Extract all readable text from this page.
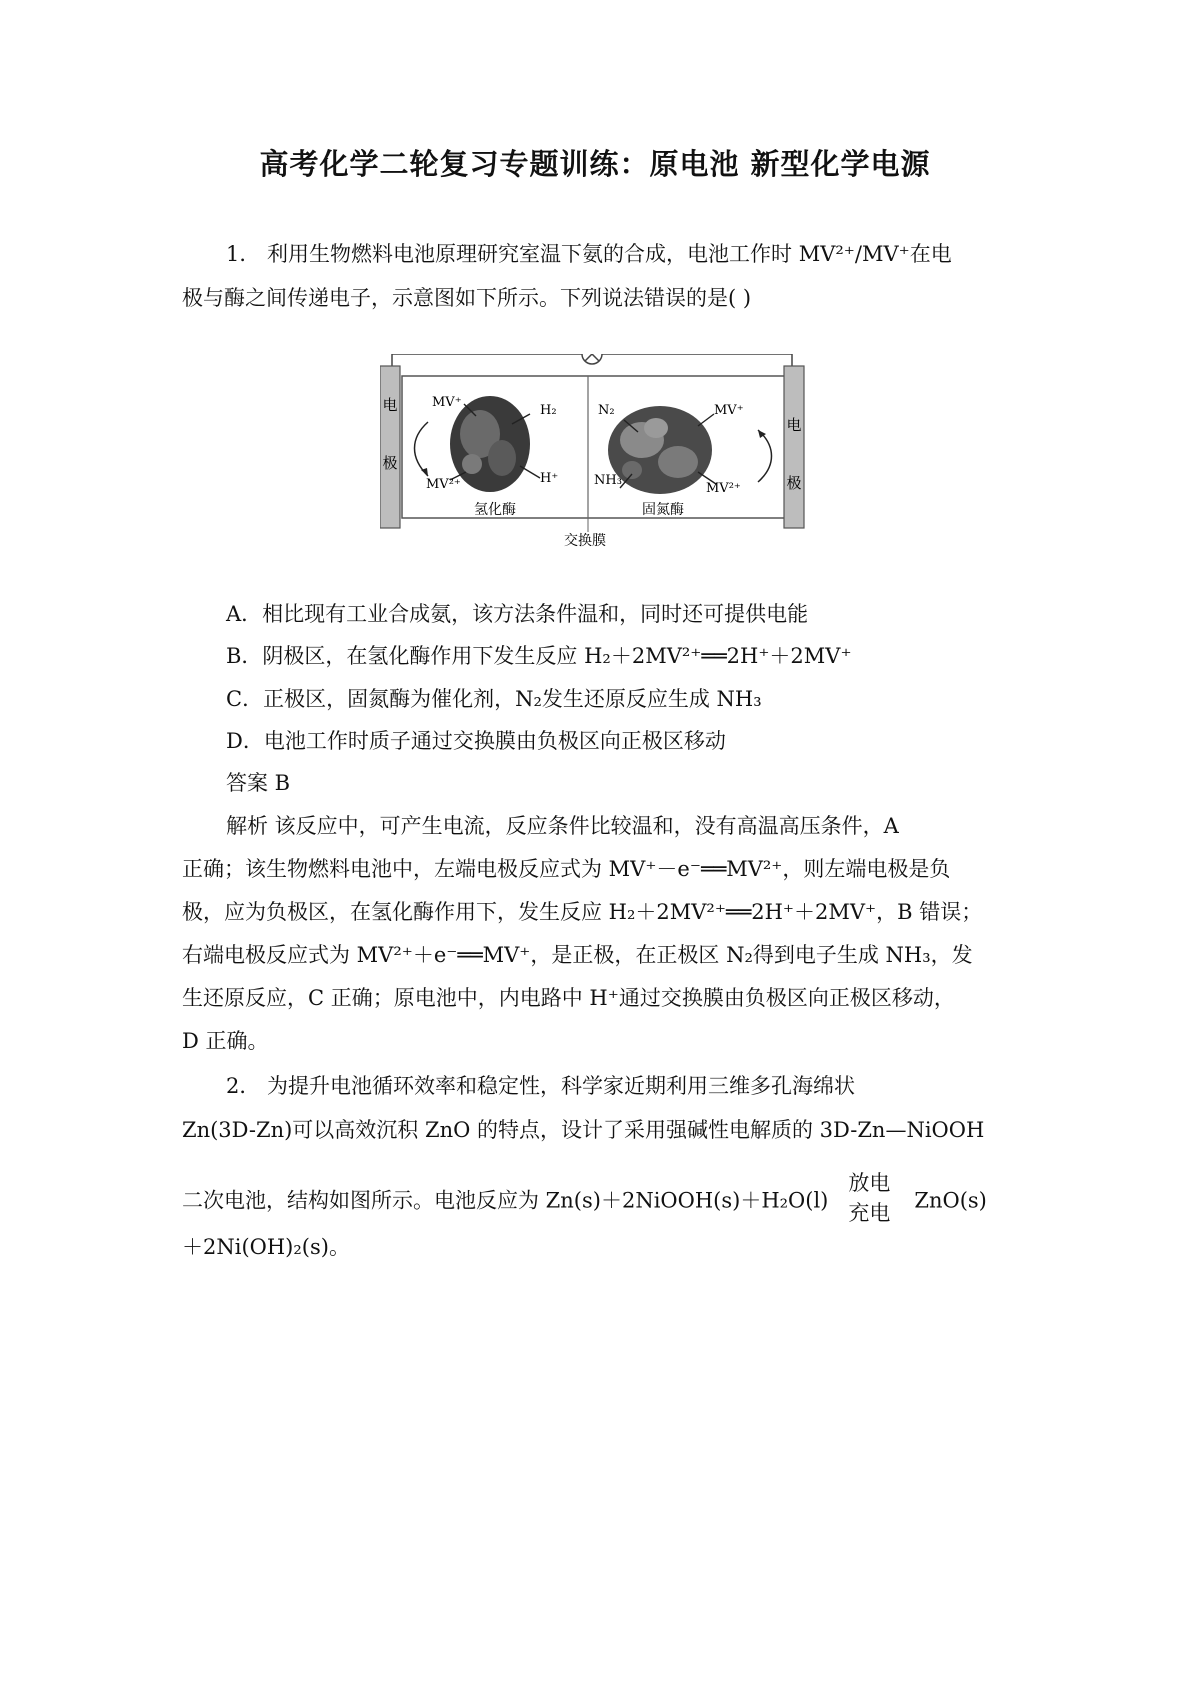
高考化学二轮复习专题训练：原电池 新型化学电源
1． 利用生物燃料电池原理研究室温下氨的合成，电池工作时 MV²⁺/MV⁺在电
极与酶之间传递电子，示意图如下所示。下列说法错误的是( )
电
极
电
极
MV⁺
MV²⁺
H₂
H⁺
氢化酶
N₂
NH₃
MV⁺
MV²⁺
固氮酶
交换膜
A．相比现有工业合成氨，该方法条件温和，同时还可提供电能
B．阴极区，在氢化酶作用下发生反应 H₂＋2MV²⁺══2H⁺＋2MV⁺
C．正极区，固氮酶为催化剂，N₂发生还原反应生成 NH₃
D．电池工作时质子通过交换膜由负极区向正极区移动
答案 B
解析 该反应中，可产生电流，反应条件比较温和，没有高温高压条件，A
正确；该生物燃料电池中，左端电极反应式为 MV⁺－e⁻══MV²⁺，则左端电极是负
极，应为负极区，在氢化酶作用下，发生反应 H₂＋2MV²⁺══2H⁺＋2MV⁺，B 错误；
右端电极反应式为 MV²⁺＋e⁻══MV⁺，是正极，在正极区 N₂得到电子生成 NH₃，发
生还原反应，C 正确；原电池中，内电路中 H⁺通过交换膜由负极区向正极区移动，
D 正确。
2． 为提升电池循环效率和稳定性，科学家近期利用三维多孔海绵状
Zn(3D-Zn)可以高效沉积 ZnO 的特点，设计了采用强碱性电解质的 3D-Zn—NiOOH
二次电池，结构如图所示。电池反应为 Zn(s)＋2NiOOH(s)＋H₂O(l)
放电
充电
ZnO(s)
＋2Ni(OH)₂(s)。
